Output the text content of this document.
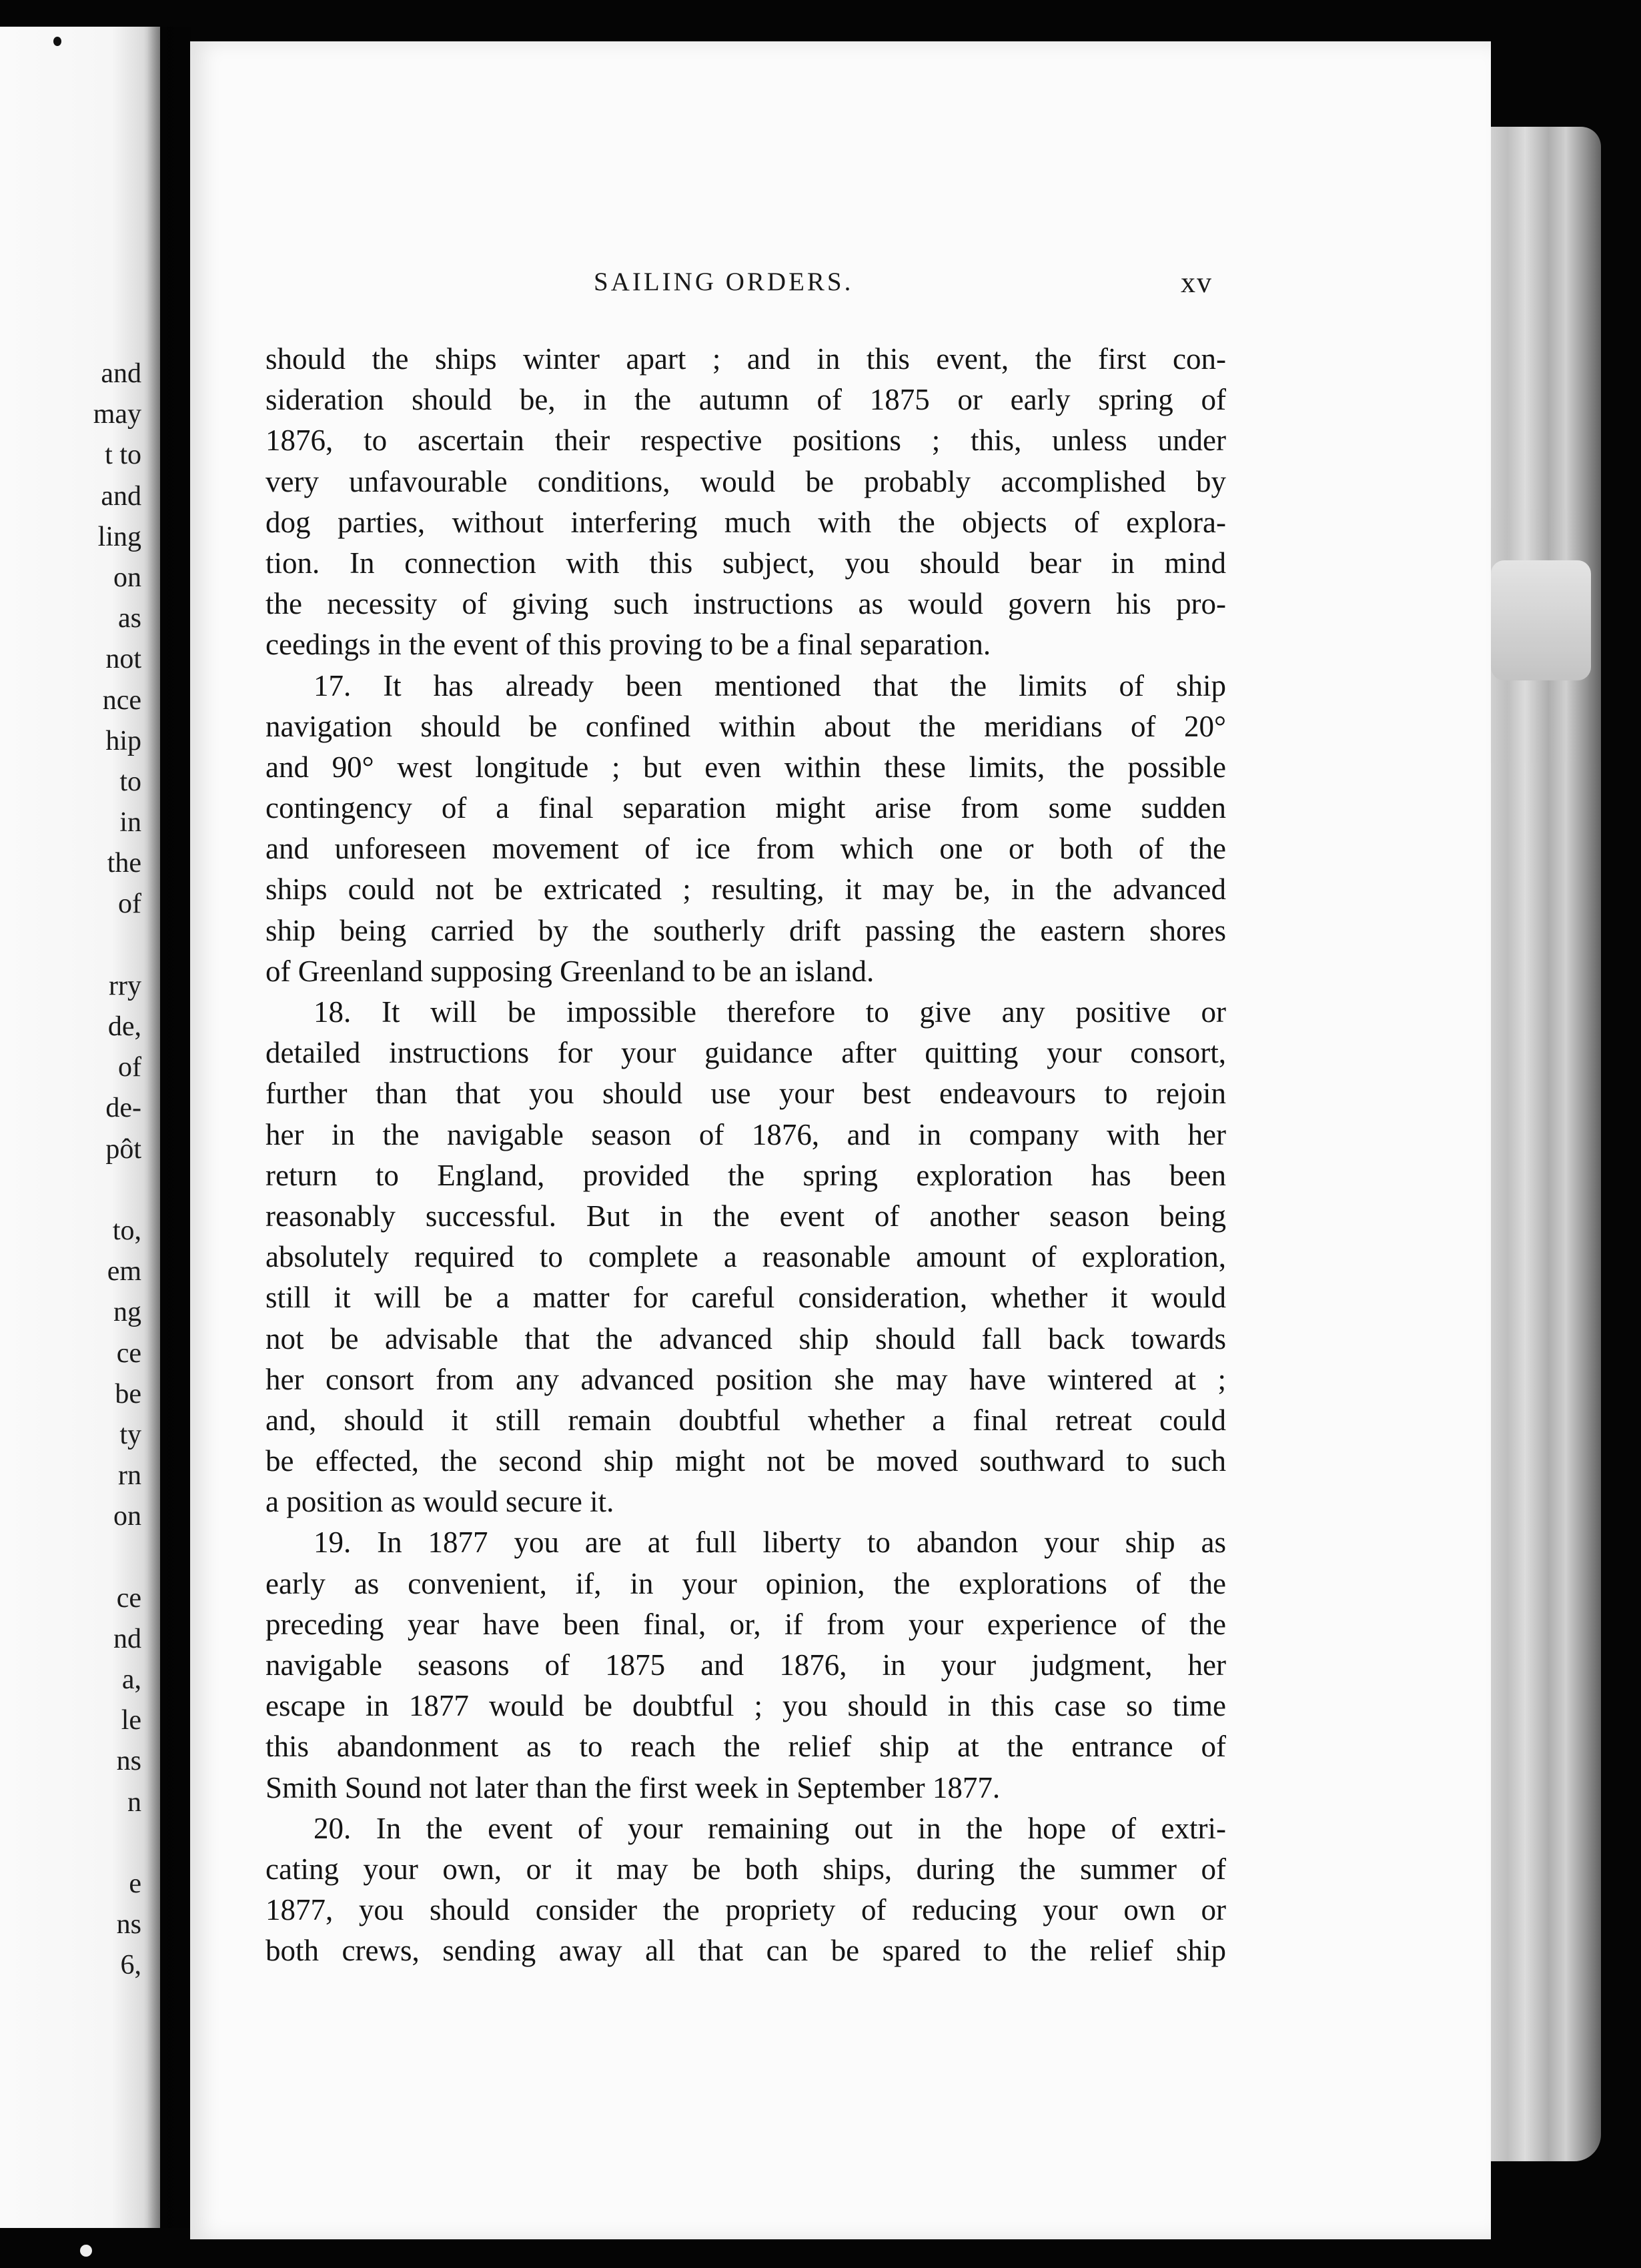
and
may
t to
and
ling
on
as
not
nce
hip
to
in
the
of
rry
de,
of
de-
pôt
to,
em
ng
ce
be
ty
rn
on
ce
nd
a,
le
ns
n
e
ns
6,
SAILING ORDERS.	xv
should the ships winter apart ; and in this event, the first con-
sideration should be, in the autumn of 1875 or early spring of
1876, to ascertain their respective positions ; this, unless under
very unfavourable conditions, would be probably accomplished by
dog parties, without interfering much with the objects of explora-
tion. In connection with this subject, you should bear in mind
the necessity of giving such instructions as would govern his pro-
ceedings in the event of this proving to be a final separation.
17. It has already been mentioned that the limits of ship
navigation should be confined within about the meridians of 20°
and 90° west longitude ; but even within these limits, the possible
contingency of a final separation might arise from some sudden
and unforeseen movement of ice from which one or both of the
ships could not be extricated ; resulting, it may be, in the advanced
ship being carried by the southerly drift passing the eastern shores
of Greenland supposing Greenland to be an island.
18. It will be impossible therefore to give any positive or
detailed instructions for your guidance after quitting your consort,
further than that you should use your best endeavours to rejoin
her in the navigable season of 1876, and in company with her
return to England, provided the spring exploration has been
reasonably successful. But in the event of another season being
absolutely required to complete a reasonable amount of exploration,
still it will be a matter for careful consideration, whether it would
not be advisable that the advanced ship should fall back towards
her consort from any advanced position she may have wintered at ;
and, should it still remain doubtful whether a final retreat could
be effected, the second ship might not be moved southward to such
a position as would secure it.
19. In 1877 you are at full liberty to abandon your ship as
early as convenient, if, in your opinion, the explorations of the
preceding year have been final, or, if from your experience of the
navigable seasons of 1875 and 1876, in your judgment, her
escape in 1877 would be doubtful ; you should in this case so time
this abandonment as to reach the relief ship at the entrance of
Smith Sound not later than the first week in September 1877.
20. In the event of your remaining out in the hope of extri-
cating your own, or it may be both ships, during the summer of
1877, you should consider the propriety of reducing your own or
both crews, sending away all that can be spared to the relief ship
